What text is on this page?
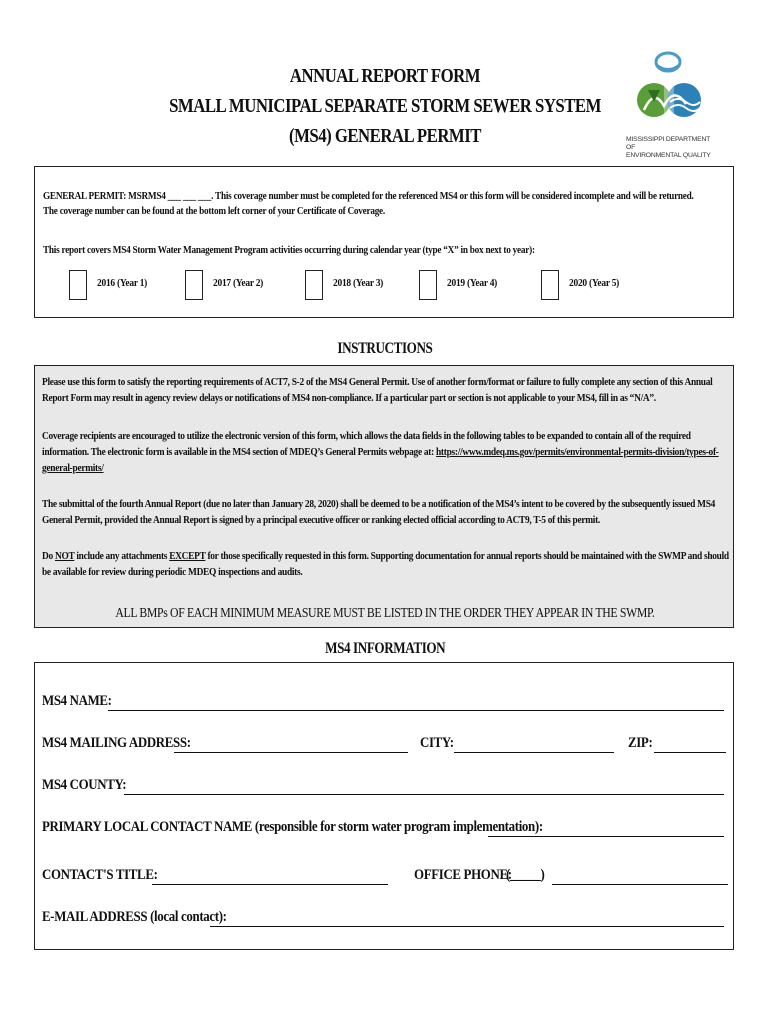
ANNUAL REPORT FORM
SMALL MUNICIPAL SEPARATE STORM SEWER SYSTEM
(MS4) GENERAL PERMIT	MISSISSIPPI DEPARTMENT OF
ENVIRONMENTAL QUALITY
GENERAL PERMIT: MSRMS4 ___ ___ ___. This coverage number must be completed for the referenced MS4 or this form will be considered incomplete and will be returned.
The coverage number can be found at the bottom left corner of your Certificate of Coverage.
This report covers MS4 Storm Water Management Program activities occurring during calendar year (type “X” in box next to year):
2016 (Year 1)	2017 (Year 2)	2018 (Year 3)	2019 (Year 4)	2020 (Year 5)
INSTRUCTIONS
Please use this form to satisfy the reporting requirements of ACT7, S-2 of the MS4 General Permit. Use of another form/format or failure to fully complete any section of this Annual Report Form may result in agency review delays or notifications of MS4 non-compliance. If a particular part or section is not applicable to your MS4, fill in as “N/A”.
Coverage recipients are encouraged to utilize the electronic version of this form, which allows the data fields in the following tables to be expanded to contain all of the required information. The electronic form is available in the MS4 section of MDEQ’s General Permits webpage at: https://www.mdeq.ms.gov/permits/environmental-permits-division/types-of-general-permits/
The submittal of the fourth Annual Report (due no later than January 28, 2020) shall be deemed to be a notification of the MS4’s intent to be covered by the subsequently issued MS4 General Permit, provided the Annual Report is signed by a principal executive officer or ranking elected official according to ACT9, T-5 of this permit.
Do NOT include any attachments EXCEPT for those specifically requested in this form. Supporting documentation for annual reports should be maintained with the SWMP and should be available for review during periodic MDEQ inspections and audits.
ALL BMPs OF EACH MINIMUM MEASURE MUST BE LISTED IN THE ORDER THEY APPEAR IN THE SWMP.
MS4 INFORMATION
MS4 NAME:
MS4 MAILING ADDRESS:	CITY:	ZIP:
MS4 COUNTY:
PRIMARY LOCAL CONTACT NAME (responsible for storm water program implementation):
CONTACT'S TITLE:	OFFICE PHONE:
(_____)
E-MAIL ADDRESS (local contact):
